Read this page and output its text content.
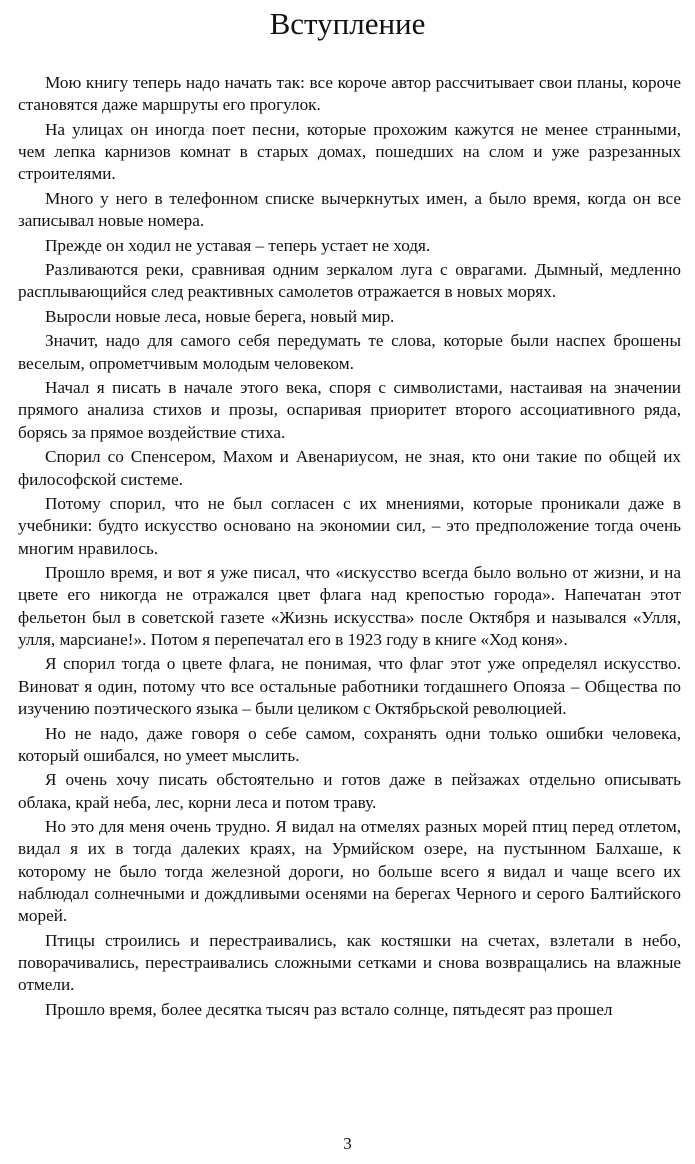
Вступление

Мою книгу теперь надо начать так: все короче автор рассчитывает свои планы, короче становятся даже маршруты его прогулок.

На улицах он иногда поет песни, которые прохожим кажутся не менее странными, чем лепка карнизов комнат в старых домах, пошедших на слом и уже разрезанных строителями.

Много у него в телефонном списке вычеркнутых имен, а было время, когда он все записывал новые номера.

Прежде он ходил не уставая – теперь устает не ходя.

Разливаются реки, сравнивая одним зеркалом луга с оврагами. Дымный, медленно расплывающийся след реактивных самолетов отражается в новых морях.

Выросли новые леса, новые берега, новый мир.

Значит, надо для самого себя передумать те слова, которые были наспех брошены веселым, опрометчивым молодым человеком.

Начал я писать в начале этого века, споря с символистами, настаивая на значении прямого анализа стихов и прозы, оспаривая приоритет второго ассоциативного ряда, борясь за прямое воздействие стиха.

Спорил со Спенсером, Махом и Авенариусом, не зная, кто они такие по общей их философской системе.

Потому спорил, что не был согласен с их мнениями, которые проникали даже в учебники: будто искусство основано на экономии сил, – это предположение тогда очень многим нравилось.

Прошло время, и вот я уже писал, что «искусство всегда было вольно от жизни, и на цвете его никогда не отражался цвет флага над крепостью города». Напечатан этот фельетон был в советской газете «Жизнь искусства» после Октября и назывался «Улля, улля, марсиане!». Потом я перепечатал его в 1923 году в книге «Ход коня».

Я спорил тогда о цвете флага, не понимая, что флаг этот уже определял искусство. Виноват я один, потому что все остальные работники тогдашнего Опояза – Общества по изучению поэтического языка – были целиком с Октябрьской революцией.

Но не надо, даже говоря о себе самом, сохранять одни только ошибки человека, который ошибался, но умеет мыслить.

Я очень хочу писать обстоятельно и готов даже в пейзажах отдельно описывать облака, край неба, лес, корни леса и потом траву.

Но это для меня очень трудно. Я видал на отмелях разных морей птиц перед отлетом, видал я их в тогда далеких краях, на Урмийском озере, на пустынном Балхаше, к которому не было тогда железной дороги, но больше всего я видал и чаще всего их наблюдал солнечными и дождливыми осенями на берегах Черного и серого Балтийского морей.

Птицы строились и перестраивались, как костяшки на счетах, взлетали в небо, поворачивались, перестраивались сложными сетками и снова возвращались на влажные отмели.

Прошло время, более десятка тысяч раз встало солнце, пятьдесят раз прошел

3
